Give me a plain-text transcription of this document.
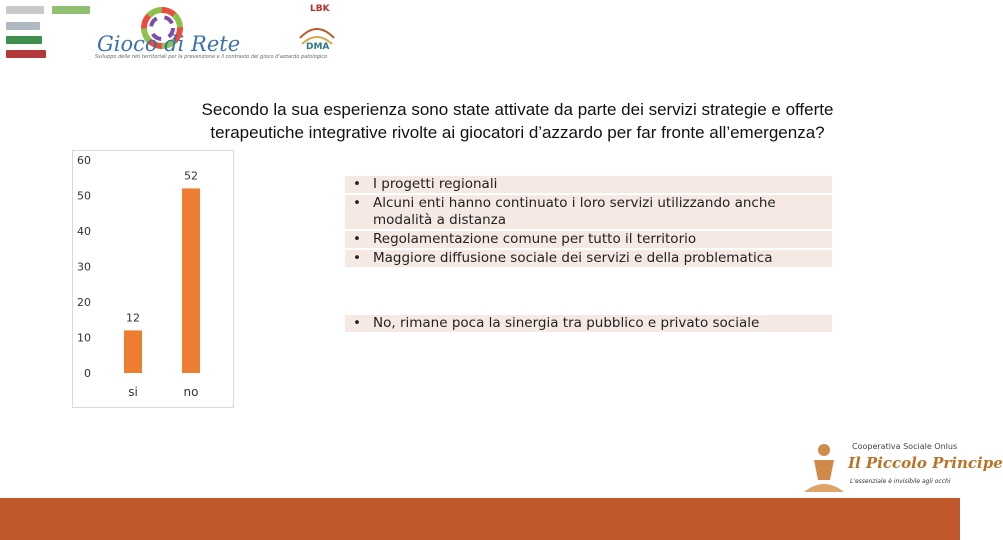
Gioco di Rete
Sviluppo delle reti territoriali per la prevenzione e il contrasto del gioco d'azzardo patologico
LBK
DMA
Secondo la sua esperienza sono state attivate da parte dei servizi strategie e offerte terapeutiche integrative rivolte ai giocatori d’azzardo per far fronte all’emergenza?
0
10
20
30
40
50
60
12
si
52
no
• I progetti regionali
• Alcuni enti hanno continuato i loro servizi utilizzando anche modalità a distanza
• Regolamentazione comune per tutto il territorio
• Maggiore diffusione sociale dei servizi e della problematica
• No, rimane poca la sinergia tra pubblico e privato sociale
Cooperativa Sociale Onlus
Il Piccolo Principe
L'essenziale è invisibile agli occhi
